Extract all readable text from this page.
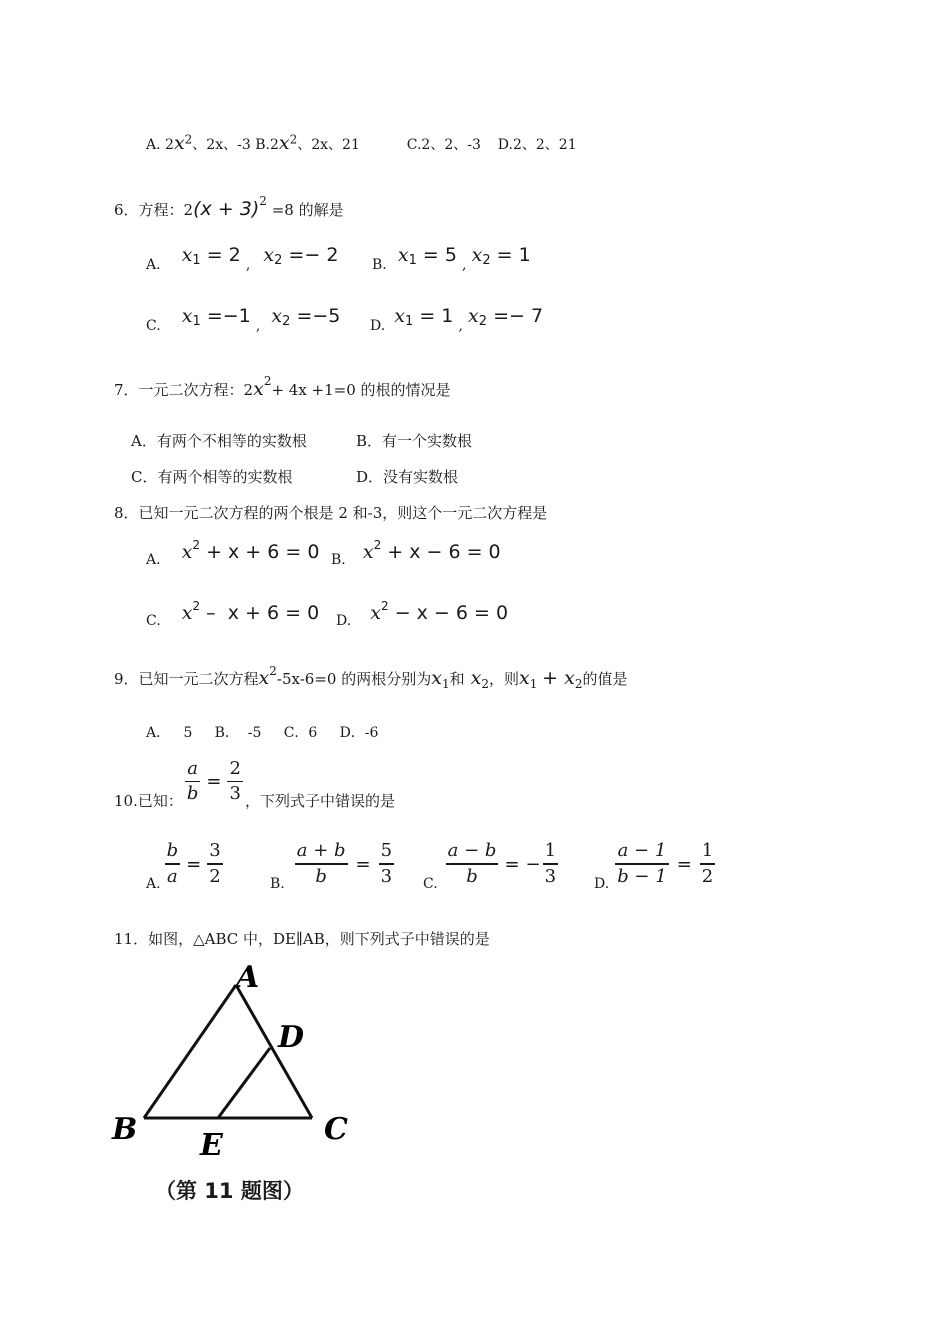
A. $2x^2$、2x、-3 $B.2x^2$、2x、21	C.2、2、-3 D.2、2、21
6．方程：$2(x + 3)^2 =8$ 的解是
A. $x_1 = 2$ , $x_2 =- 2$ B. $x_1 = 5$ , $x_2 = 1$
C. $x_1 =-1$ , $x_2 =-5$ D. $x_1 = 1$ , $x_2 =- 7$
7．一元二次方程：$2x^2+ 4x +1=0$ 的根的情况是
A．有两个不相等的实数根	B．有一个实数根
C．有两个相等的实数根	D．没有实数根
8．已知一元二次方程的两个根是 2 和-3，则这个一元二次方程是
A. $x^2 + x + 6 = 0$ B. $x^2 + x - 6 = 0$
C. $x^2 - x + 6 = 0$ D. $x^2 - x - 6 = 0$
9．已知一元二次方程$x^2-5x-6=0$ 的两根分别为$x_1$和 $x_2$，则$x_1 + x_2$的值是
A．   5     B．  -5     C．6     D．-6
10.已知： $\frac{a}{b} = \frac{2}{3}$ ，下列式子中错误的是
A. $\frac{b}{a} = \frac{3}{2}$	B. $\frac{a + b}{b} = \frac{5}{3} C$. $\frac{a - b}{b}$ = − $\frac{1}{3}$	D. $\frac{a - 1}{b - 1} = \frac{1}{2}$
11．如图，△ABC 中，DE∥AB，则下列式子中错误的是
A
D
B E	C
（第 11 题图）
